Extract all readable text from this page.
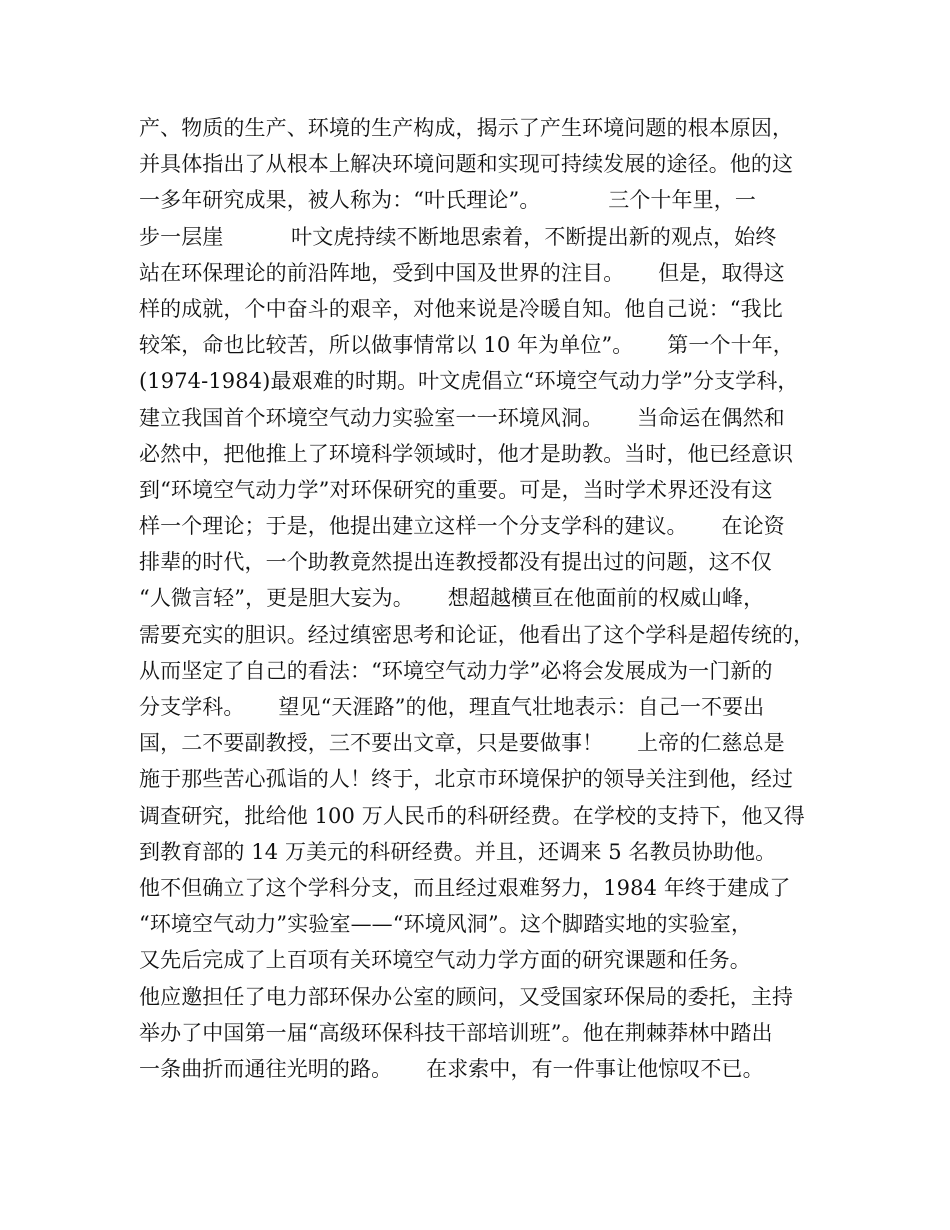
产、物质的生产、环境的生产构成，揭示了产生环境问题的根本原因，
并具体指出了从根本上解决环境问题和实现可持续发展的途径。他的这
一多年研究成果，被人称为：“叶氏理论”。          三个十年里，一
步一层崖          叶文虎持续不断地思索着，不断提出新的观点，始终
站在环保理论的前沿阵地，受到中国及世界的注目。     但是，取得这
样的成就，个中奋斗的艰辛，对他来说是冷暖自知。他自己说：“我比
较笨，命也比较苦，所以做事情常以 10 年为单位”。     第一个十年，
(1974-1984)最艰难的时期。叶文虎倡立“环境空气动力学”分支学科，
建立我国首个环境空气动力实验室一一环境风洞。     当命运在偶然和
必然中，把他推上了环境科学领域时，他才是助教。当时，他已经意识
到“环境空气动力学”对环保研究的重要。可是，当时学术界还没有这
样一个理论；于是，他提出建立这样一个分支学科的建议。     在论资
排辈的时代，一个助教竟然提出连教授都没有提出过的问题，这不仅
“人微言轻”，更是胆大妄为。     想超越横亘在他面前的权威山峰，
需要充实的胆识。经过缜密思考和论证，他看出了这个学科是超传统的，
从而坚定了自己的看法：“环境空气动力学”必将会发展成为一门新的
分支学科。     望见“天涯路”的他，理直气壮地表示：自己一不要出
国，二不要副教授，三不要出文章，只是要做事！     上帝的仁慈总是
施于那些苦心孤诣的人！终于，北京市环境保护的领导关注到他，经过
调查研究，批给他 100 万人民币的科研经费。在学校的支持下，他又得
到教育部的 14 万美元的科研经费。并且，还调来 5 名教员协助他。
他不但确立了这个学科分支，而且经过艰难努力，1984 年终于建成了
“环境空气动力”实验室——“环境风洞”。这个脚踏实地的实验室，
又先后完成了上百项有关环境空气动力学方面的研究课题和任务。
他应邀担任了电力部环保办公室的顾问，又受国家环保局的委托，主持
举办了中国第一届“高级环保科技干部培训班”。他在荆棘莽林中踏出
一条曲折而通往光明的路。     在求索中，有一件事让他惊叹不已。
